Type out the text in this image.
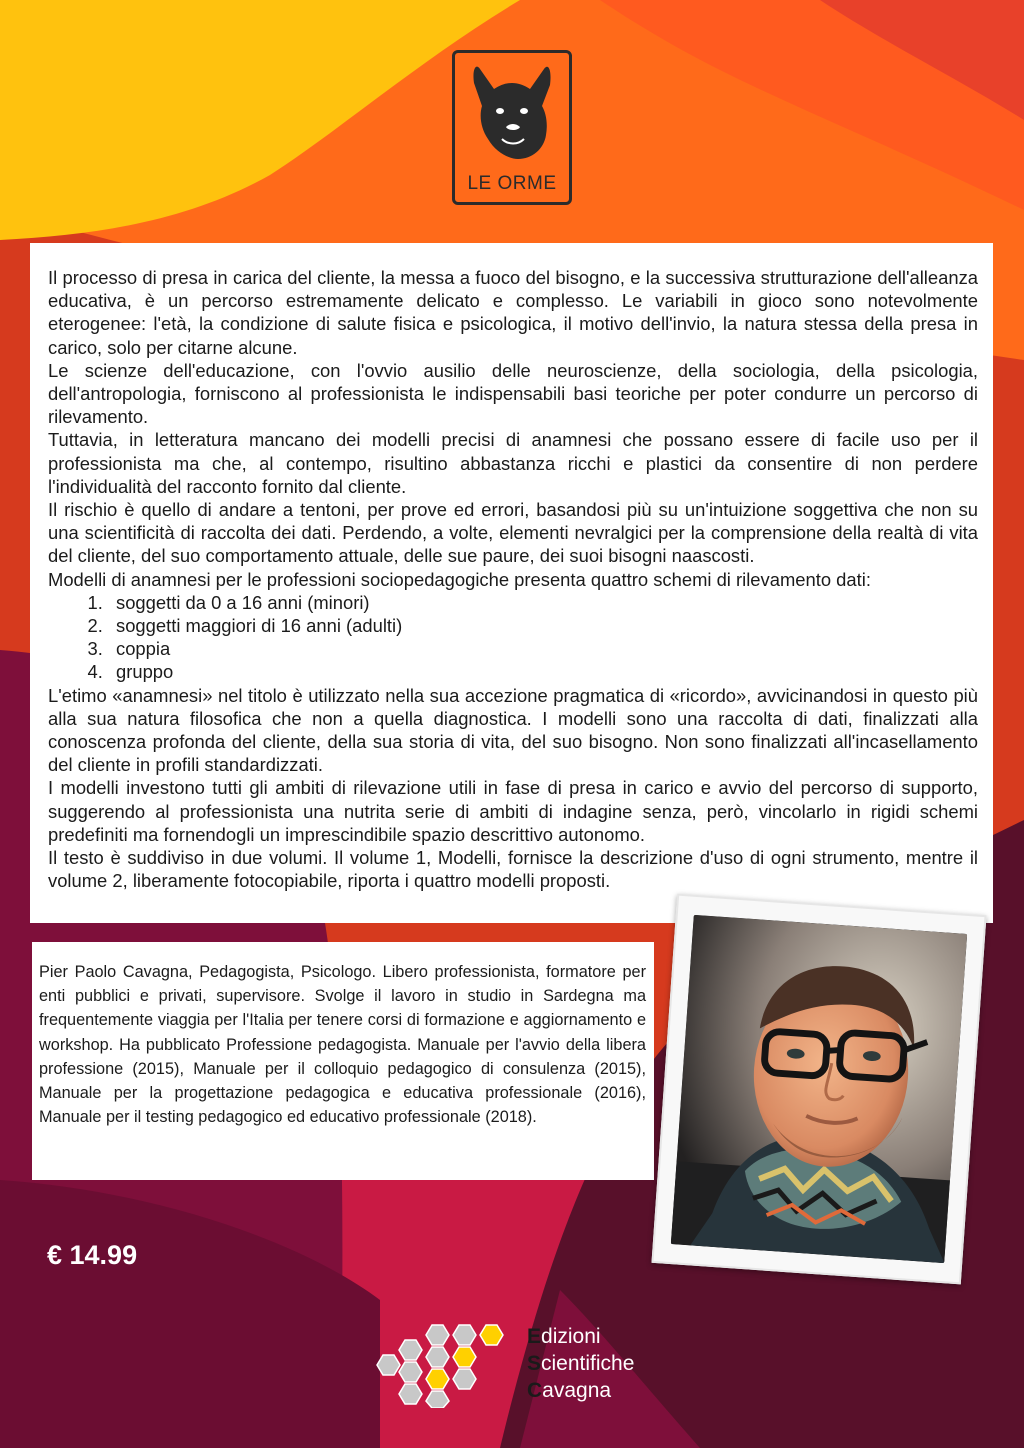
LE ORME

Il processo di presa in carica del cliente, la messa a fuoco del bisogno, e la successiva strutturazione dell'alleanza educativa, è un percorso estremamente delicato e complesso. Le variabili in gioco sono notevolmente eterogenee: l'età, la condizione di salute fisica e psicologica, il motivo dell'invio, la natura stessa della presa in carico, solo per citarne alcune.

Le scienze dell'educazione, con l'ovvio ausilio delle neuroscienze, della sociologia, della psicologia, dell'antropologia, forniscono al professionista le indispensabili basi teoriche per poter condurre un percorso di rilevamento.

Tuttavia, in letteratura mancano dei modelli precisi di anamnesi che possano essere di facile uso per il professionista ma che, al contempo, risultino abbastanza ricchi e plastici da consentire di non perdere l'individualità del racconto fornito dal cliente.

Il rischio è quello di andare a tentoni, per prove ed errori, basandosi più su un'intuizione soggettiva che non su una scientificità di raccolta dei dati. Perdendo, a volte, elementi nevralgici per la comprensione della realtà di vita del cliente, del suo comportamento attuale, delle sue paure, dei suoi bisogni naascosti.

Modelli di anamnesi per le professioni sociopedagogiche presenta quattro schemi di rilevamento dati:

1. soggetti da 0 a 16 anni (minori)
2. soggetti maggiori di 16 anni (adulti)
3. coppia
4. gruppo

L'etimo «anamnesi» nel titolo è utilizzato nella sua accezione pragmatica di «ricordo», avvicinandosi in questo più alla sua natura filosofica che non a quella diagnostica. I modelli sono una raccolta di dati, finalizzati alla conoscenza profonda del cliente, della sua storia di vita, del suo bisogno. Non sono finalizzati all'incasellamento del cliente in profili standardizzati.

I modelli investono tutti gli ambiti di rilevazione utili in fase di presa in carico e avvio del percorso di supporto, suggerendo al professionista una nutrita serie di ambiti di indagine senza, però, vincolarlo in rigidi schemi predefiniti ma fornendogli un imprescindibile spazio descrittivo autonomo.

Il testo è suddiviso in due volumi. Il volume 1, Modelli, fornisce la descrizione d'uso di ogni strumento, mentre il volume 2, liberamente fotocopiabile, riporta i quattro modelli proposti.

Pier Paolo Cavagna, Pedagogista, Psicologo. Libero professionista, formatore per enti pubblici e privati, supervisore. Svolge il lavoro in studio in Sardegna ma frequentemente viaggia per l'Italia per tenere corsi di formazione e aggiornamento e workshop. Ha pubblicato Professione pedagogista. Manuale per l'avvio della libera professione (2015), Manuale per il colloquio pedagogico di consulenza (2015), Manuale per la progettazione pedagogica e educativa professionale (2016), Manuale per il testing pedagogico ed educativo professionale (2018).

€ 14.99
Edizioni
Scientifiche
Cavagna
